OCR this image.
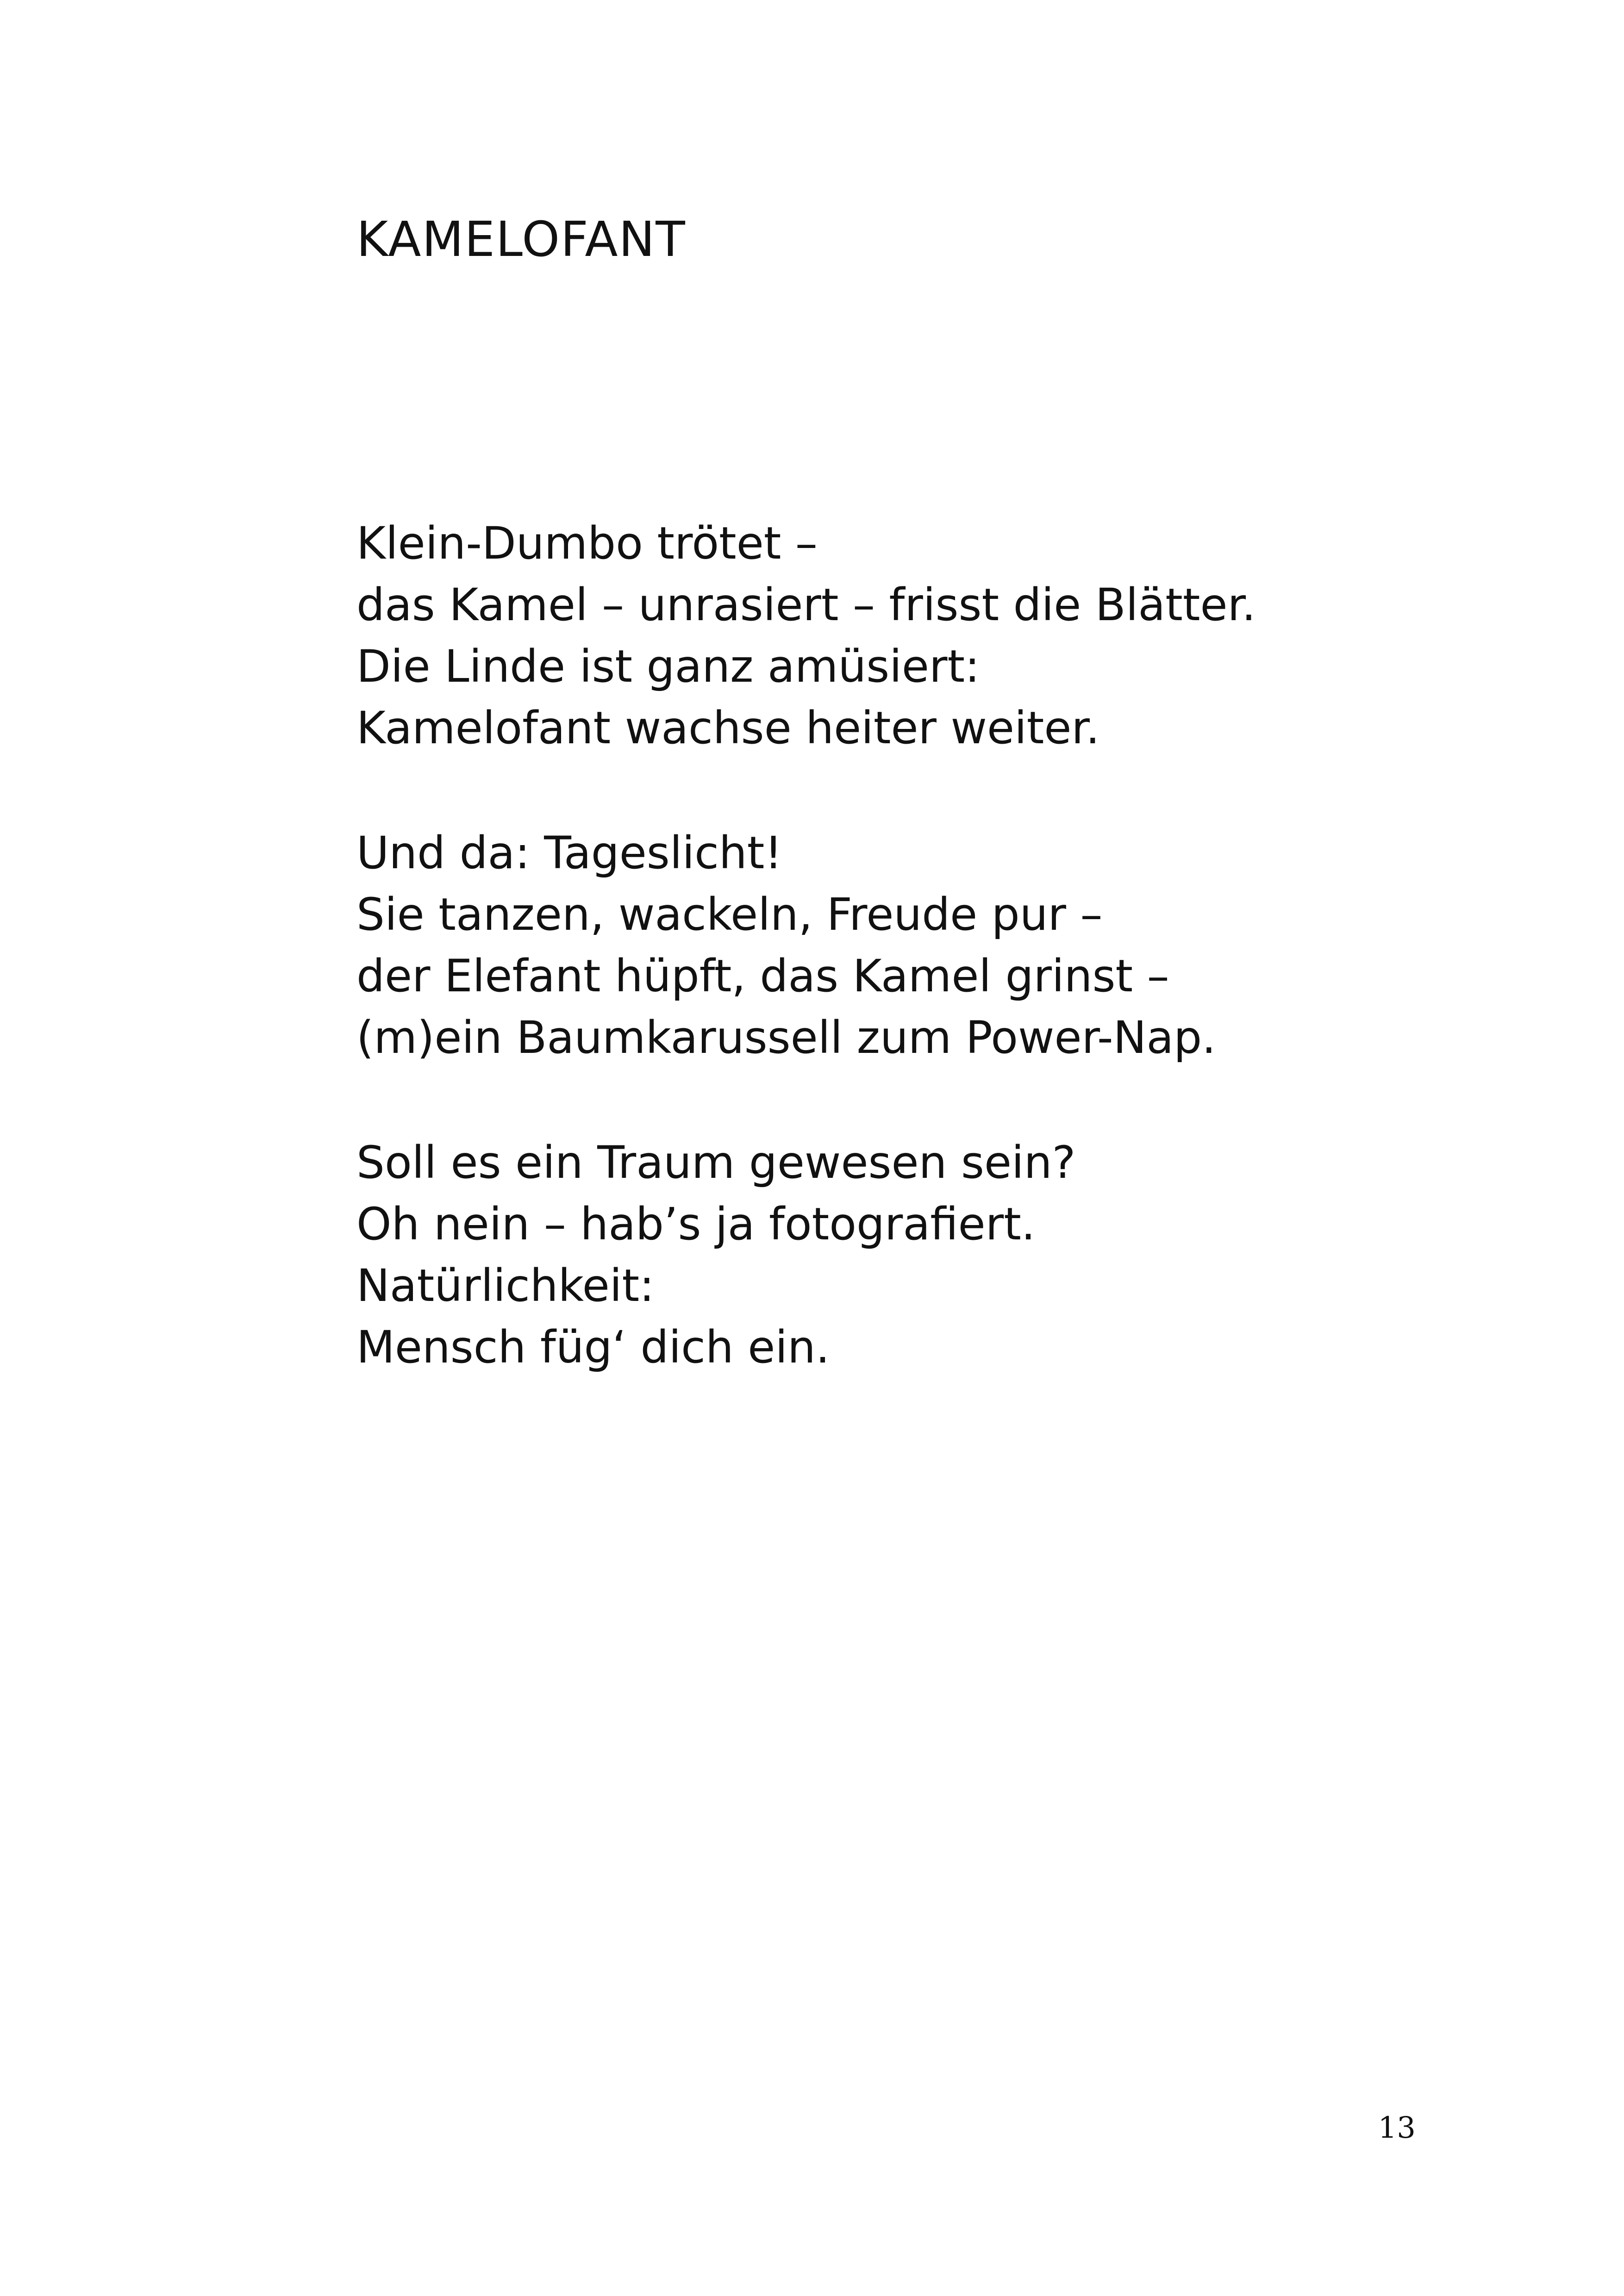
KAMELOFANT

Klein-Dumbo trötet –
das Kamel – unrasiert – frisst die Blätter.
Die Linde ist ganz amüsiert:
Kamelofant wachse heiter weiter.

Und da: Tageslicht!
Sie tanzen, wackeln, Freude pur –
der Elefant hüpft, das Kamel grinst –
(m)ein Baumkarussell zum Power-Nap.

Soll es ein Traum gewesen sein?
Oh nein – hab’s ja fotografiert.
Natürlichkeit:
Mensch füg‘ dich ein.

13
